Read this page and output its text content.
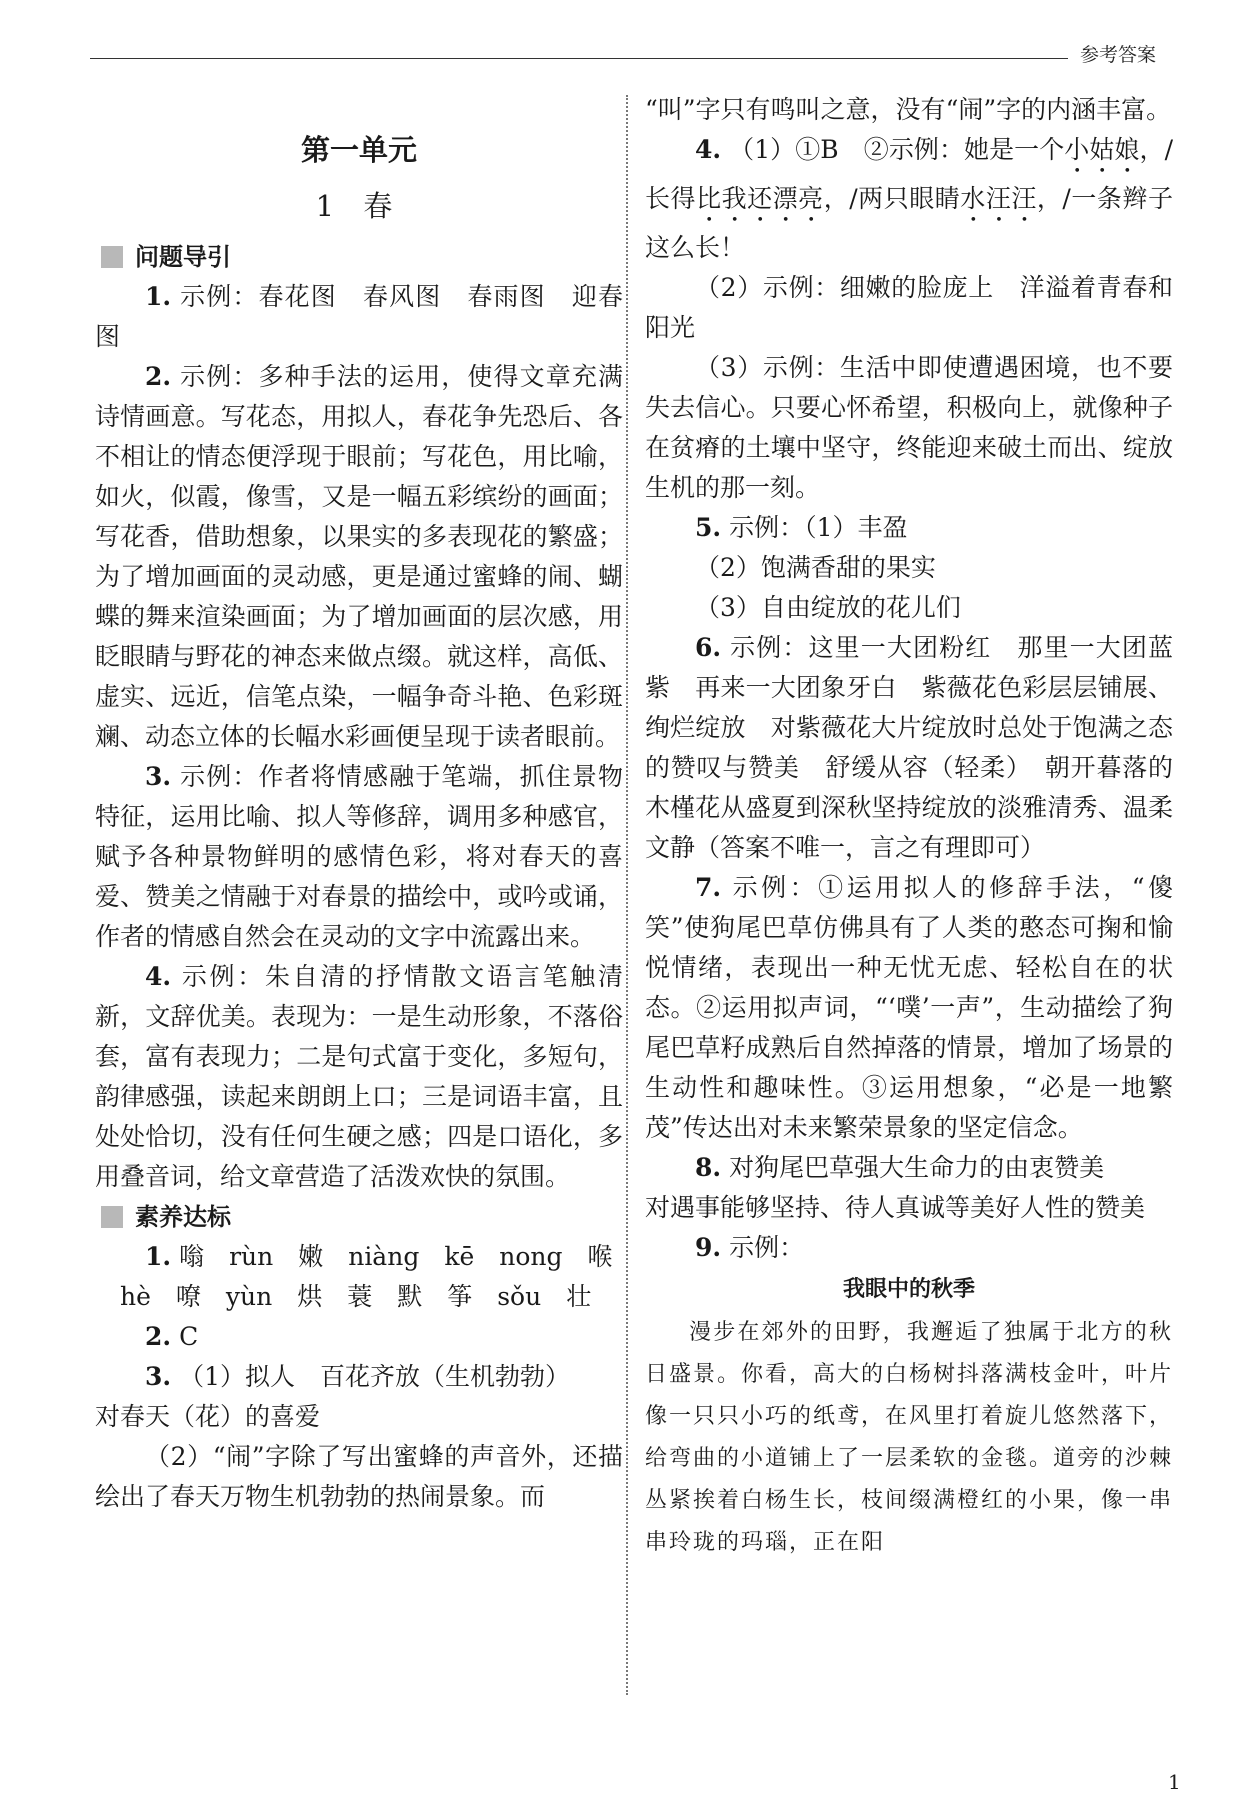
参考答案
第一单元
1 春
问题导引

1. 示例：春花图　春风图　春雨图　迎春图

2. 示例：多种手法的运用，使得文章充满诗情画意。写花态，用拟人，春花争先恐后、各不相让的情态便浮现于眼前；写花色，用比喻，如火，似霞，像雪，又是一幅五彩缤纷的画面；写花香，借助想象，以果实的多表现花的繁盛；为了增加画面的灵动感，更是通过蜜蜂的闹、蝴蝶的舞来渲染画面；为了增加画面的层次感，用眨眼睛与野花的神态来做点缀。就这样，高低、虚实、远近，信笔点染，一幅争奇斗艳、色彩斑斓、动态立体的长幅水彩画便呈现于读者眼前。

3. 示例：作者将情感融于笔端，抓住景物特征，运用比喻、拟人等修辞，调用多种感官，赋予各种景物鲜明的感情色彩，将对春天的喜爱、赞美之情融于对春景的描绘中，或吟或诵，作者的情感自然会在灵动的文字中流露出来。

4. 示例：朱自清的抒情散文语言笔触清新，文辞优美。表现为：一是生动形象，不落俗套，富有表现力；二是句式富于变化，多短句，韵律感强，读起来朗朗上口；三是词语丰富，且处处恰切，没有任何生硬之感；四是口语化，多用叠音词，给文章营造了活泼欢快的氛围。

素养达标

1. 嗡　rùn　嫩　niàng　kē　nong　喉

hè　嘹　yùn　烘　蓑　默　筝　sǒu　壮

2. C

3. （1）拟人　百花齐放（生机勃勃）

对春天（花）的喜爱

（2）“闹”字除了写出蜜蜂的声音外，还描绘出了春天万物生机勃勃的热闹景象。而

“叫”字只有鸣叫之意，没有“闹”字的内涵丰富。

4. （1）①B　②示例：她是一个小姑娘，/长得比我还漂亮，/两只眼睛水汪汪，/一条辫子这么长！

（2）示例：细嫩的脸庞上　洋溢着青春和阳光

（3）示例：生活中即使遭遇困境，也不要失去信心。只要心怀希望，积极向上，就像种子在贫瘠的土壤中坚守，终能迎来破土而出、绽放生机的那一刻。

5. 示例：（1）丰盈

（2）饱满香甜的果实

（3）自由绽放的花儿们

6. 示例：这里一大团粉红　那里一大团蓝紫　再来一大团象牙白　紫薇花色彩层层铺展、绚烂绽放　对紫薇花大片绽放时总处于饱满之态的赞叹与赞美　舒缓从容（轻柔）　朝开暮落的木槿花从盛夏到深秋坚持绽放的淡雅清秀、温柔文静（答案不唯一，言之有理即可）

7. 示例：①运用拟人的修辞手法，“傻笑”使狗尾巴草仿佛具有了人类的憨态可掬和愉悦情绪，表现出一种无忧无虑、轻松自在的状态。②运用拟声词，“‘噗’一声”，生动描绘了狗尾巴草籽成熟后自然掉落的情景，增加了场景的生动性和趣味性。③运用想象，“必是一地繁茂”传达出对未来繁荣景象的坚定信念。

8. 对狗尾巴草强大生命力的由衷赞美

对遇事能够坚持、待人真诚等美好人性的赞美

9. 示例：

我眼中的秋季

漫步在郊外的田野，我邂逅了独属于北方的秋日盛景。你看，高大的白杨树抖落满枝金叶，叶片像一只只小巧的纸鸢，在风里打着旋儿悠然落下，给弯曲的小道铺上了一层柔软的金毯。道旁的沙棘丛紧挨着白杨生长，枝间缀满橙红的小果，像一串串玲珑的玛瑙，正在阳

1
